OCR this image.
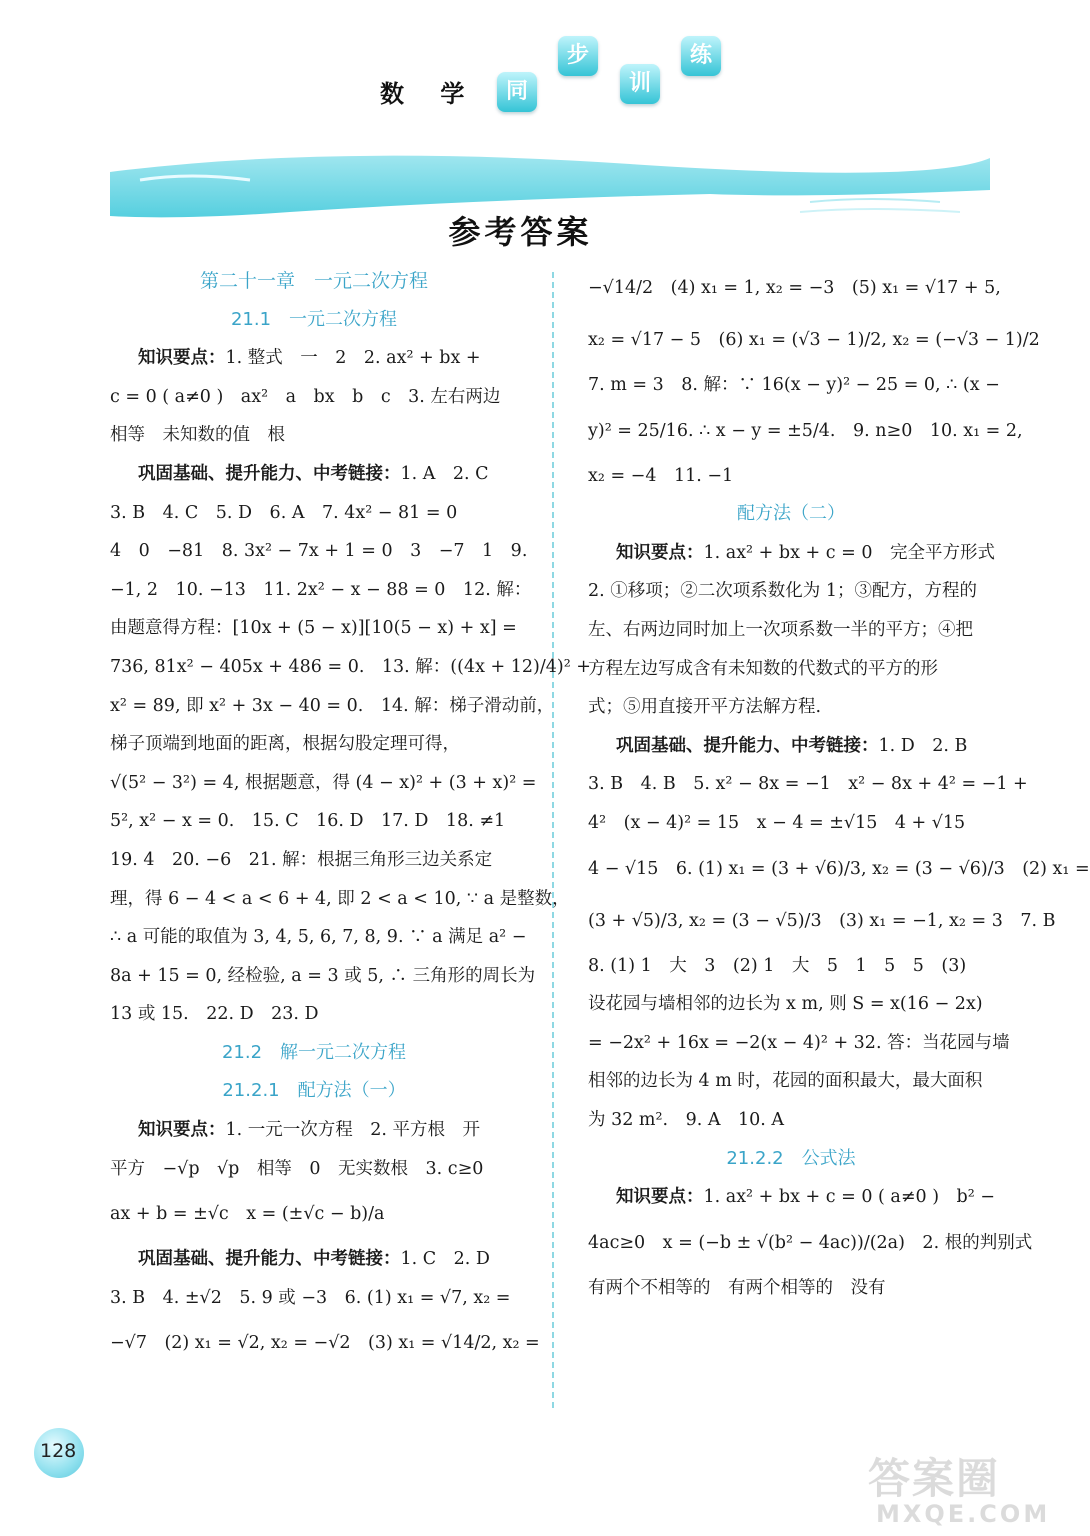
数 学	同
步
训
练
参考答案
第二十一章　一元二次方程
21.1　一元二次方程
知识要点：1. 整式　一　2　2. ax² + bx +
c = 0 ( a≠0 )　ax²　a　bx　b　c　3. 左右两边
相等　未知数的值　根
巩固基础、提升能力、中考链接：1. A　2. C
3. B　4. C　5. D　6. A　7. 4x² − 81 = 0
4　0　−81　8. 3x² − 7x + 1 = 0　3　−7　1　9.
−1, 2　10. −13　11. 2x² − x − 88 = 0　12. 解：
由题意得方程：[10x + (5 − x)][10(5 − x) + x] =
736, 81x² − 405x + 486 = 0.　13. 解：((4x + 12)/4)² +
x² = 89, 即 x² + 3x − 40 = 0.　14. 解：梯子滑动前，
梯子顶端到地面的距离，根据勾股定理可得，
√(5² − 3²) = 4, 根据题意，得 (4 − x)² + (3 + x)² =
5², x² − x = 0.　15. C　16. D　17. D　18. ≠1
19. 4　20. −6　21. 解：根据三角形三边关系定
理，得 6 − 4 < a < 6 + 4, 即 2 < a < 10, ∵ a 是整数，
∴ a 可能的取值为 3, 4, 5, 6, 7, 8, 9. ∵ a 满足 a² −
8a + 15 = 0, 经检验, a = 3 或 5, ∴ 三角形的周长为
13 或 15.　22. D　23. D
21.2　解一元二次方程
21.2.1　配方法（一）
知识要点：1. 一元一次方程　2. 平方根　开
平方　−√p　√p　相等　0　无实数根　3. c≥0
ax + b = ±√c　x = (±√c − b)/a
巩固基础、提升能力、中考链接：1. C　2. D
3. B　4. ±√2　5. 9 或 −3　6. (1) x₁ = √7, x₂ =
−√7　(2) x₁ = √2, x₂ = −√2　(3) x₁ = √14/2, x₂ =
−√14/2　(4) x₁ = 1, x₂ = −3　(5) x₁ = √17 + 5,
x₂ = √17 − 5　(6) x₁ = (√3 − 1)/2, x₂ = (−√3 − 1)/2
7. m = 3　8. 解：∵ 16(x − y)² − 25 = 0, ∴ (x −
y)² = 25/16. ∴ x − y = ±5/4.　9. n≥0　10. x₁ = 2,
x₂ = −4　11. −1
配方法（二）
知识要点：1. ax² + bx + c = 0　完全平方形式
2. ①移项；②二次项系数化为 1；③配方，方程的
左、右两边同时加上一次项系数一半的平方；④把
方程左边写成含有未知数的代数式的平方的形
式；⑤用直接开平方法解方程.
巩固基础、提升能力、中考链接：1. D　2. B
3. B　4. B　5. x² − 8x = −1　x² − 8x + 4² = −1 +
4²　(x − 4)² = 15　x − 4 = ±√15　4 + √15
4 − √15　6. (1) x₁ = (3 + √6)/3, x₂ = (3 − √6)/3　(2) x₁ =
(3 + √5)/3, x₂ = (3 − √5)/3　(3) x₁ = −1, x₂ = 3　7. B
8. (1) 1　大　3　(2) 1　大　5　1　5　5　(3)
设花园与墙相邻的边长为 x m, 则 S = x(16 − 2x)
= −2x² + 16x = −2(x − 4)² + 32. 答：当花园与墙
相邻的边长为 4 m 时，花园的面积最大，最大面积
为 32 m².　9. A　10. A
21.2.2　公式法
知识要点：1. ax² + bx + c = 0 ( a≠0 )　b² −
4ac≥0　x = (−b ± √(b² − 4ac))/(2a)　2. 根的判别式
有两个不相等的　有两个相等的　没有
128
答案圈
MXQE.COM
